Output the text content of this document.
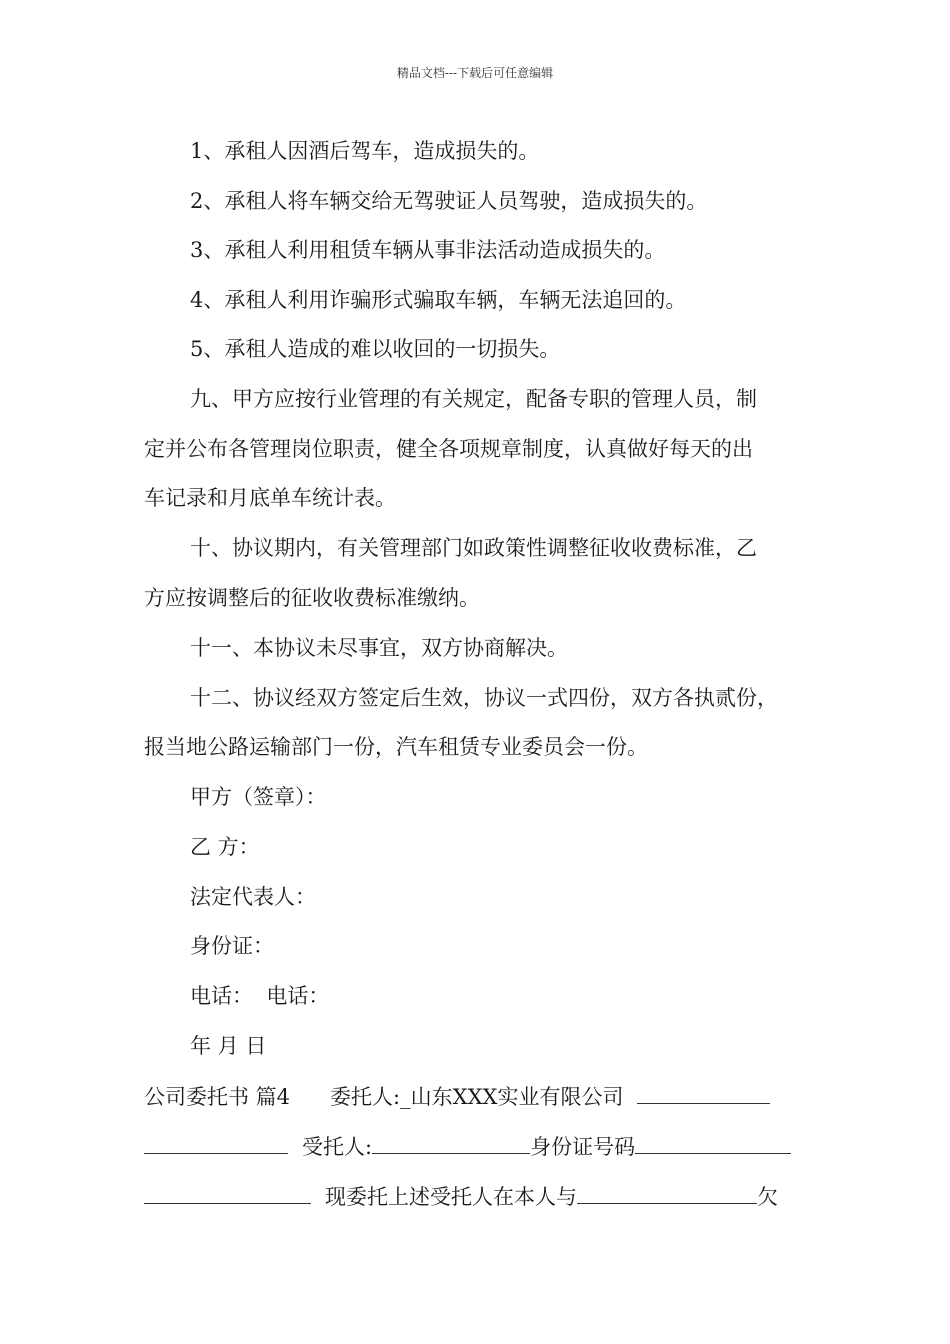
精品文档---下载后可任意编辑
1、承租人因酒后驾车，造成损失的。
2、承租人将车辆交给无驾驶证人员驾驶，造成损失的。
3、承租人利用租赁车辆从事非法活动造成损失的。
4、承租人利用诈骗形式骗取车辆，车辆无法追回的。
5、承租人造成的难以收回的一切损失。
九、甲方应按行业管理的有关规定，配备专职的管理人员，制
定并公布各管理岗位职责，健全各项规章制度，认真做好每天的出
车记录和月底单车统计表。
十、协议期内，有关管理部门如政策性调整征收收费标准，乙
方应按调整后的征收收费标准缴纳。
十一、本协议未尽事宜，双方协商解决。
十二、协议经双方签定后生效，协议一式四份，双方各执贰份，
报当地公路运输部门一份，汽车租赁专业委员会一份。
甲方（签章）：
乙 方：
法定代表人：
身份证：
电话：  电话：
年 月 日
公司委托书 篇4 委托人:_山东XXX实业有限公司
受托人:	身份证号码
现委托上述受托人在本人与	欠
